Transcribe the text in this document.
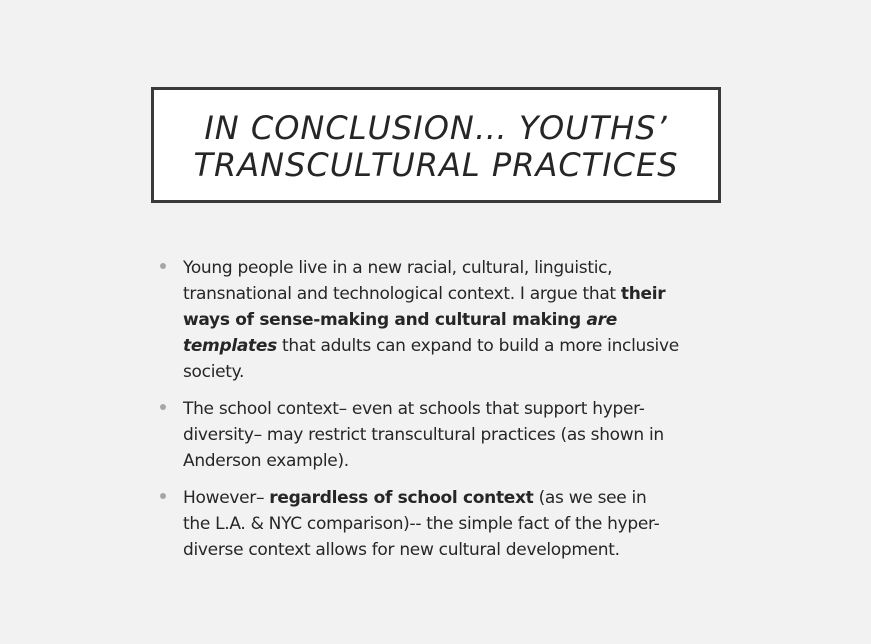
IN CONCLUSION… YOUTHS’
TRANSCULTURAL PRACTICES
Young people live in a new racial, cultural, linguistic,
transnational and technological context. I argue that their
ways of sense-making and cultural making are
templates that adults can expand to build a more inclusive
society.
The school context– even at schools that support hyper-
diversity– may restrict transcultural practices (as shown in
Anderson example).
However– regardless of school context (as we see in
the L.A. & NYC comparison)-- the simple fact of the hyper-
diverse context allows for new cultural development.
